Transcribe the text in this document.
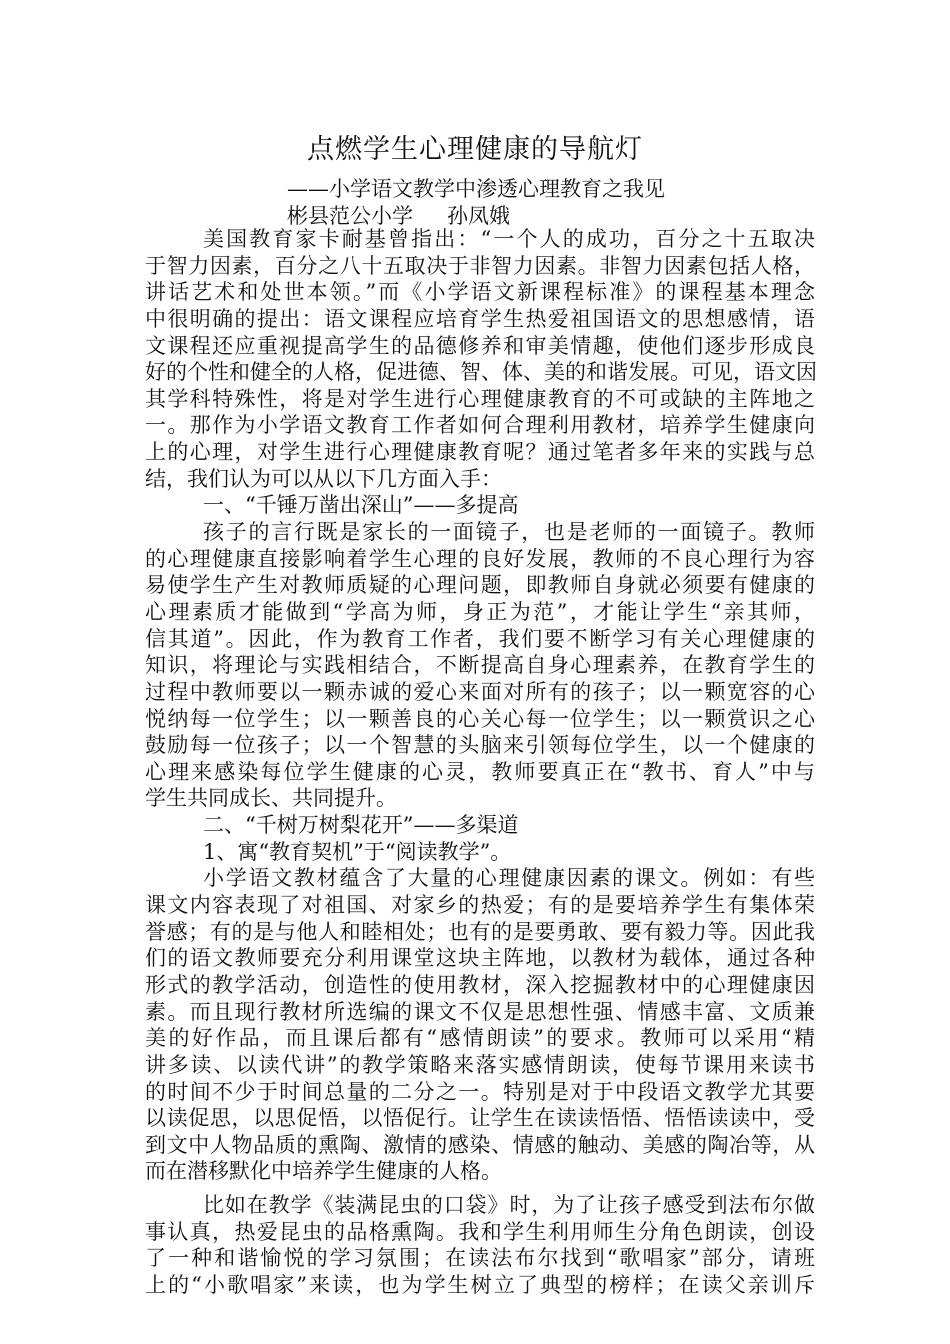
点燃学生心理健康的导航灯
——小学语文教学中渗透心理教育之我见
彬县范公小学 孙凤娥
美国教育家卡耐基曾指出：“一个人的成功，百分之十五取决
于智力因素，百分之八十五取决于非智力因素。非智力因素包括人格，
讲话艺术和处世本领。”而《小学语文新课程标准》的课程基本理念
中很明确的提出：语文课程应培育学生热爱祖国语文的思想感情，语
文课程还应重视提高学生的品德修养和审美情趣，使他们逐步形成良
好的个性和健全的人格，促进德、智、体、美的和谐发展。可见，语文因
其学科特殊性，将是对学生进行心理健康教育的不可或缺的主阵地之
一。那作为小学语文教育工作者如何合理利用教材，培养学生健康向
上的心理，对学生进行心理健康教育呢？通过笔者多年来的实践与总
结，我们认为可以从以下几方面入手：
一、“千锤万凿出深山”——多提高
孩子的言行既是家长的一面镜子，也是老师的一面镜子。教师
的心理健康直接影响着学生心理的良好发展，教师的不良心理行为容
易使学生产生对教师质疑的心理问题，即教师自身就必须要有健康的
心理素质才能做到“学高为师，身正为范”，才能让学生“亲其师，
信其道”。因此，作为教育工作者，我们要不断学习有关心理健康的
知识，将理论与实践相结合，不断提高自身心理素养，在教育学生的
过程中教师要以一颗赤诚的爱心来面对所有的孩子；以一颗宽容的心
悦纳每一位学生；以一颗善良的心关心每一位学生；以一颗赏识之心
鼓励每一位孩子；以一个智慧的头脑来引领每位学生，以一个健康的
心理来感染每位学生健康的心灵，教师要真正在“教书、育人”中与
学生共同成长、共同提升。
二、“千树万树梨花开”——多渠道
1、寓“教育契机”于“阅读教学”。
小学语文教材蕴含了大量的心理健康因素的课文。例如：有些
课文内容表现了对祖国、对家乡的热爱；有的是要培养学生有集体荣
誉感；有的是与他人和睦相处；也有的是要勇敢、要有毅力等。因此我
们的语文教师要充分利用课堂这块主阵地，以教材为载体，通过各种
形式的教学活动，创造性的使用教材，深入挖掘教材中的心理健康因
素。而且现行教材所选编的课文不仅是思想性强、情感丰富、文质兼
美的好作品，而且课后都有“感情朗读”的要求。教师可以采用“精
讲多读、以读代讲”的教学策略来落实感情朗读，使每节课用来读书
的时间不少于时间总量的二分之一。特别是对于中段语文教学尤其要
以读促思，以思促悟，以悟促行。让学生在读读悟悟、悟悟读读中，受
到文中人物品质的熏陶、激情的感染、情感的触动、美感的陶冶等，从
而在潜移默化中培养学生健康的人格。
比如在教学《装满昆虫的口袋》时，为了让孩子感受到法布尔做
事认真，热爱昆虫的品格熏陶。我和学生利用师生分角色朗读，创设
了一种和谐愉悦的学习氛围；在读法布尔找到“歌唱家”部分，请班
上的“小歌唱家”来读，也为学生树立了典型的榜样；在读父亲训斥
